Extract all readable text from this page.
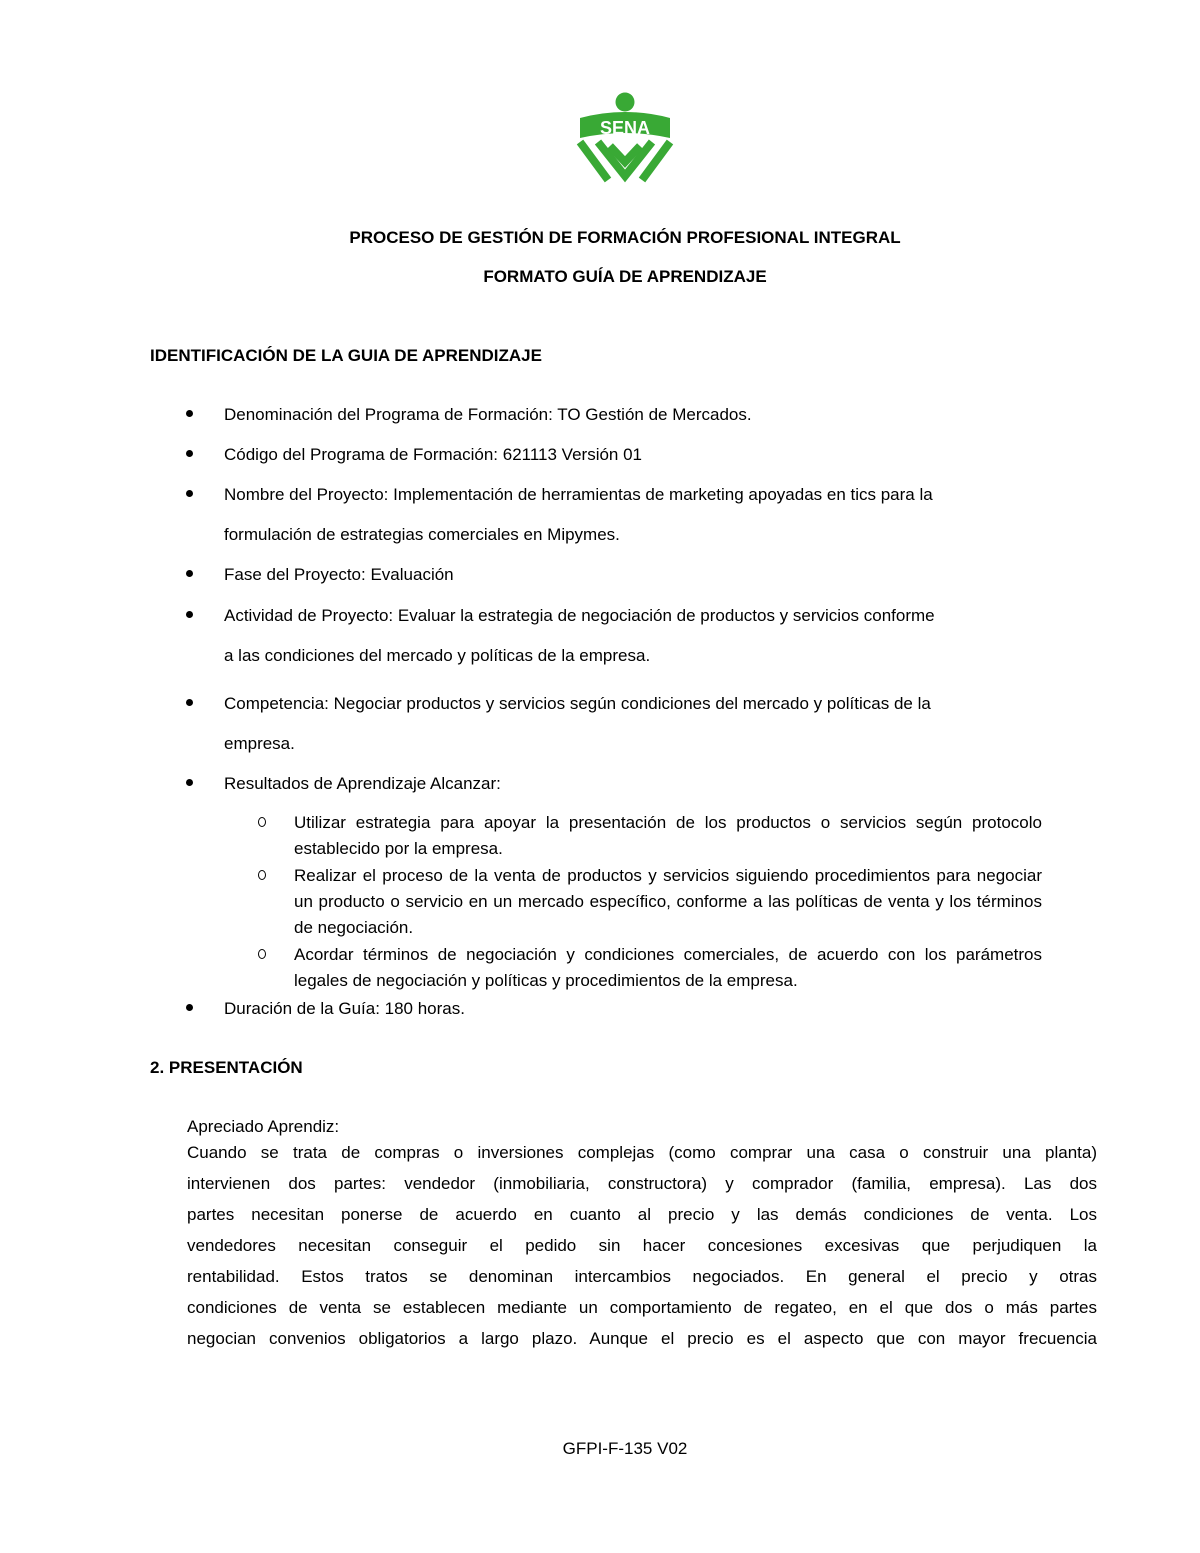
SENA
PROCESO DE GESTIÓN DE FORMACIÓN PROFESIONAL INTEGRAL
FORMATO GUÍA DE APRENDIZAJE
IDENTIFICACIÓN DE LA GUIA DE APRENDIZAJE
Denominación del Programa de Formación: TO Gestión de Mercados.
Código del Programa de Formación: 621113 Versión 01
Nombre del Proyecto: Implementación de herramientas de marketing apoyadas en tics para la
formulación de estrategias comerciales en Mipymes.
Fase del Proyecto: Evaluación
Actividad de Proyecto: Evaluar la estrategia de negociación de productos y servicios conforme
a las condiciones del mercado y políticas de la empresa.
Competencia: Negociar productos y servicios según condiciones del mercado y políticas de la
empresa.
Resultados de Aprendizaje Alcanzar:
Duración de la Guía: 180 horas.
Utilizar estrategia para apoyar la presentación de los productos o servicios según protocolo establecido por la empresa.
Realizar el proceso de la venta de productos y servicios siguiendo procedimientos para negociar un producto o servicio en un mercado específico, conforme a las políticas de venta y los términos de negociación.
Acordar términos de negociación y condiciones comerciales, de acuerdo con los parámetros legales de negociación y políticas y procedimientos de la empresa.
2. PRESENTACIÓN
Apreciado Aprendiz:
Cuando se trata de compras o inversiones complejas (como comprar una casa o construir una planta)
intervienen dos partes: vendedor (inmobiliaria, constructora) y comprador (familia, empresa). Las dos
partes necesitan ponerse de acuerdo en cuanto al precio y las demás condiciones de venta. Los
vendedores necesitan conseguir el pedido sin hacer concesiones excesivas que perjudiquen la
rentabilidad. Estos tratos se denominan intercambios negociados. En general el precio y otras
condiciones de venta se establecen mediante un comportamiento de regateo, en el que dos o más partes
negocian convenios obligatorios a largo plazo. Aunque el precio es el aspecto que con mayor frecuencia
GFPI-F-135 V02
